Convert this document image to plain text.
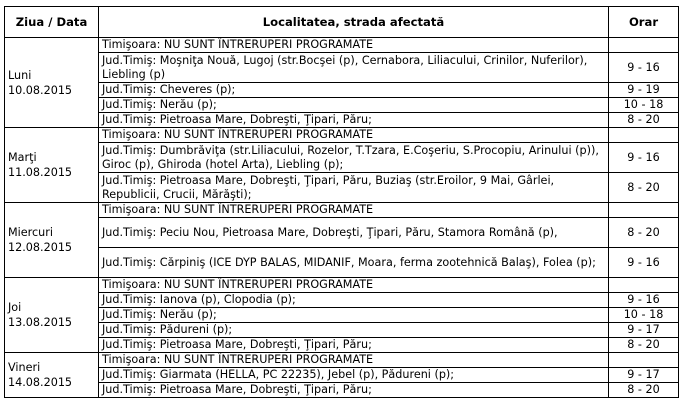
Ziua / Data	Localitatea, strada afectată	Orar

Luni
10.08.2015	Timişoara: NU SUNT ÎNTRERUPERI PROGRAMATE	
	Jud.Timiş: Moşniţa Nouă, Lugoj (str.Bocşei (p), Cernabora, Liliacului, Crinilor, Nuferilor), Liebling (p)	9 - 16
	Jud.Timiş: Cheveres (p);	9 - 19
	Jud.Timiş: Nerău (p);	10 - 18
	Jud.Timiş: Pietroasa Mare, Dobreşti, Ţipari, Păru;	8 - 20

Marţi
11.08.2015	Timişoara: NU SUNT ÎNTRERUPERI PROGRAMATE	
	Jud.Timiş: Dumbrăviţa (str.Liliacului, Rozelor, T.Tzara, E.Coşeriu, S.Procopiu, Arinului (p)), Giroc (p), Ghiroda (hotel Arta), Liebling (p);	9 - 16
	Jud.Timiş: Pietroasa Mare, Dobreşti, Ţipari, Păru, Buziaş (str.Eroilor, 9 Mai, Gârlei, Republicii, Crucii, Mărăşti);	8 - 20

Miercuri
12.08.2015	Timişoara: NU SUNT ÎNTRERUPERI PROGRAMATE	
	Jud.Timiş: Peciu Nou, Pietroasa Mare, Dobreşti, Ţipari, Păru, Stamora Română (p),	8 - 20
	Jud.Timiş: Cărpiniş (ICE DYP BALAS, MIDANIF, Moara, ferma zootehnică Balaş), Folea (p);	9 - 16

Joi
13.08.2015	Timişoara: NU SUNT ÎNTRERUPERI PROGRAMATE	
	Jud.Timiş: Ianova (p), Clopodia (p);	9 - 16
	Jud.Timiş: Nerău (p);	10 - 18
	Jud.Timiş: Pădureni (p);	9 - 17
	Jud.Timiş: Pietroasa Mare, Dobreşti, Ţipari, Păru;	8 - 20

Vineri
14.08.2015	Timişoara: NU SUNT ÎNTRERUPERI PROGRAMATE	
	Jud.Timiş: Giarmata (HELLA, PC 22235), Jebel (p), Pădureni (p);	9 - 17
	Jud.Timiş: Pietroasa Mare, Dobreşti, Ţipari, Păru;	8 - 20
